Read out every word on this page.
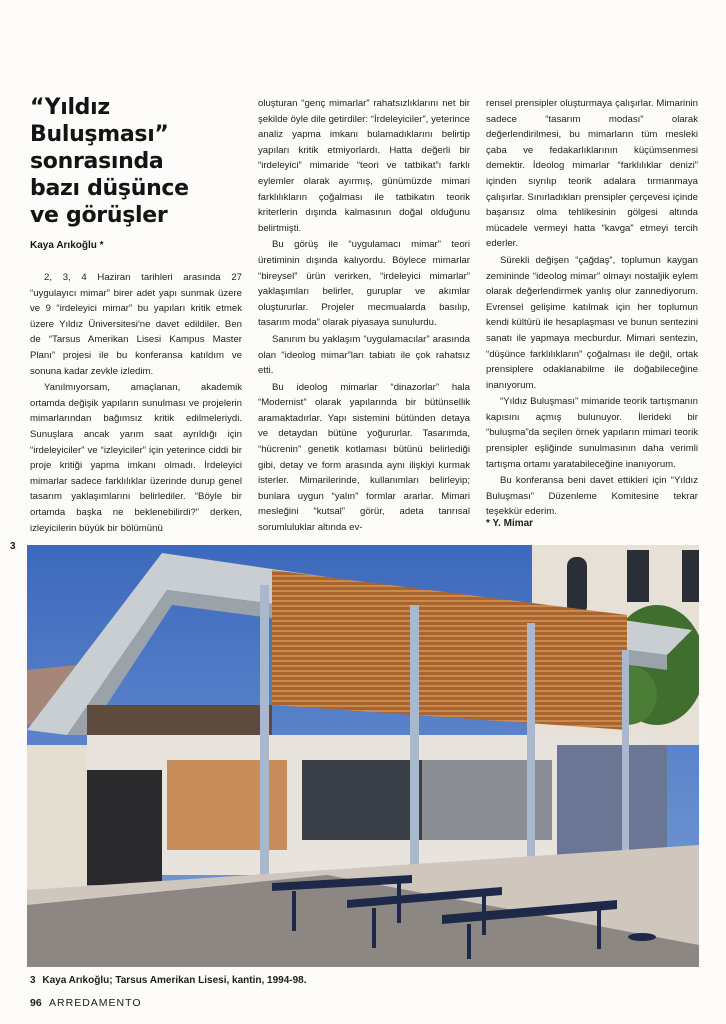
“Yıldız
Buluşması”
sonrasında
bazı düşünce
ve görüşler
Kaya Arıkoğlu *

2, 3, 4 Haziran tarihleri arasında 27 “uygulayıcı mimar” birer adet yapı sunmak üzere ve 9 “irdeleyici mimar” bu yapıları kritik etmek üzere Yıldız Üniversitesi'ne davet edildiler. Ben de “Tarsus Amerikan Lisesi Kampus Master Planı” projesi ile bu konferansa katıldım ve sonuna kadar zevkle izledim.

Yanılmıyorsam, amaçlanan, akademik ortamda değişik yapıların sunulması ve projelerin mimarlarından bağımsız kritik edilmeleriydi. Sunuşlara ancak yarım saat ayrıldığı için “irdeleyiciler” ve “izleyiciler” için yeterince ciddi bir proje kritiği yapma imkanı olmadı. İrdeleyici mimarlar sadece farklılıklar üzerinde durup genel tasarım yaklaşımlarını belirlediler. “Böyle bir ortamda başka ne beklenebilirdi?” derken, izleyicilerin büyük bir bölümünü

oluşturan “genç mimarlar” rahatsızlıklarını net bir şekilde öyle dile getirdiler: “İrdeleyiciler”, yeterince analiz yapma imkanı bulamadıklarını belirtip yapıları kritik etmiyorlardı. Hatta değerli bir “irdeleyici” mimaride “teori ve tatbikat”ı farklı eylemler olarak ayırmış, günümüzde mimari farklılıkların çoğalması ile tatbikatın teorik kriterlerin dışında kalmasının doğal olduğunu belirtmişti.

Bu görüş ile “uygulamacı mimar” teori üretiminin dışında kalıyordu. Böylece mimarlar “bireysel” ürün verirken, “irdeleyici mimarlar” yaklaşımları belirler, guruplar ve akımlar oluştururlar. Projeler mecmualarda basılıp, tasarım moda” olarak piyasaya sunulurdu.

Sanırım bu yaklaşım “uygulamacılar” arasında olan “ideolog mimar”ları tabiatı ile çok rahatsız etti.

Bu ideolog mimarlar “dinazorlar” hala “Modernist” olarak yapılarında bir bütünsellik aramaktadırlar. Yapı sistemini bütünden detaya ve detaydan bütüne yoğururlar. Tasarımda, “hücrenin” genetik kotlaması bütünü belirlediği gibi, detay ve form arasında aynı ilişkiyi kurmak isterler. Mimarilerinde, kullanımları belirleyip; bunlara uygun “yalın” formlar ararlar. Mimari mesleğini “kutsal” görür, adeta tanrısal sorumluluklar altında ev-

rensel prensipler oluşturmaya çalışırlar. Mimarinin sadece “tasarım modası” olarak değerlendirilmesi, bu mimarların tüm mesleki çaba ve fedakarlıklarının küçümsenmesi demektir. İdeolog mimarlar “farklılıklar denizi” içinden sıyrılıp teorik adalara tırmanmaya çalışırlar. Sınırladıkları prensipler çerçevesi içinde başarısız olma tehlikesinin gölgesi altında mücadele vermeyi hatta “kavga” etmeyi tercih ederler.

Sürekli değişen “çağdaş”, toplumun kaygan zemininde “ideolog mimar” olmayı nostaljik eylem olarak değerlendirmek yanlış olur zannediyorum. Evrensel gelişime katılmak için her toplumun kendi kültürü ile hesaplaşması ve bunun sentezini sanatı ile yapmaya mecburdur. Mimari sentezin, “düşünce farklılıkların” çoğalması ile değil, ortak prensiplere odaklanabilme ile doğabileceğine inanıyorum.

“Yıldız Buluşması” mimaride teorik tartışmanın kapısını açmış bulunuyor. İlerideki bir “buluşma”da seçilen örnek yapıların mimari teorik prensipler eşliğinde sunulmasının daha verimli tartışma ortamı yaratabileceğine inanıyorum.

Bu konferansa beni davet ettikleri için “Yıldız Buluşması” Düzenleme Komitesine tekrar teşekkür ederim.

* Y. Mimar
3
3 Kaya Arıkoğlu; Tarsus Amerikan Lisesi, kantin, 1994-98.
96 ARREDAMENTO
